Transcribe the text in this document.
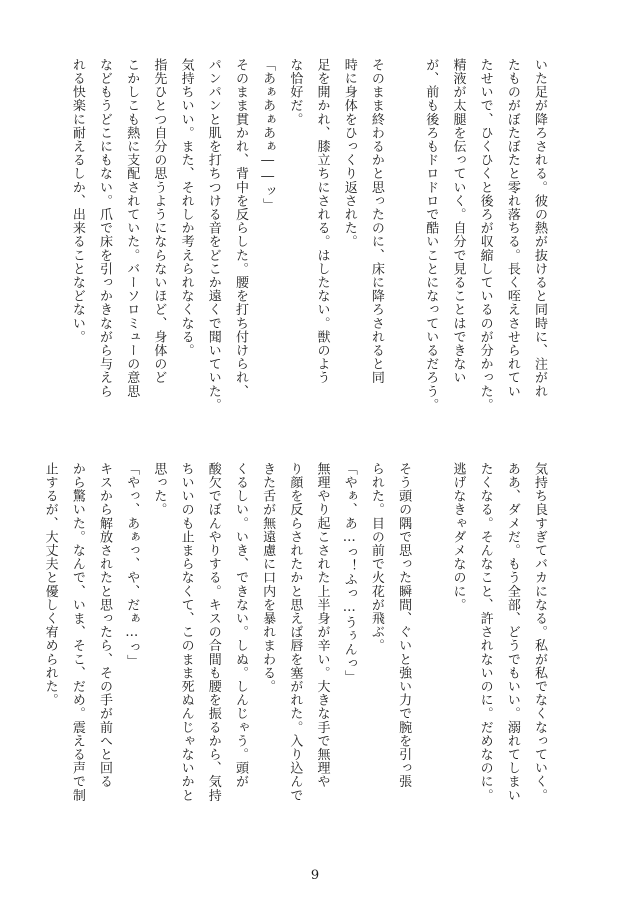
いた足が降ろされる。彼の熱が抜けると同時に、注がれ
たものがぼたぼたと零れ落ちる。長く咥えさせられてい
たせいで、ひくひくと後ろが収縮しているのが分かった。
精液が太腿を伝っていく。自分で見ることはできない
が、前も後ろもドロドロで酷いことになっているだろう。
そのまま終わるかと思ったのに、床に降ろされると同
時に身体をひっくり返された。
足を開かれ、膝立ちにされる。はしたない。獣のよう
な恰好だ。
「あぁあぁあぁ――ッ」
そのまま貫かれ、背中を反らした。腰を打ち付けられ、
パンパンと肌を打ちつける音をどこか遠くで聞いていた。
気持ちいい。また、それしか考えられなくなる。
指先ひとつ自分の思うようにならないほど、身体のど
こかしこも熱に支配されていた。バーソロミューの意思
などもうどこにもない。爪で床を引っかきながら与えら
れる快楽に耐えるしか、出来ることなどない。
気持ち良すぎてバカになる。私が私でなくなっていく。
ああ、ダメだ。もう全部、どうでもいい。溺れてしまい
たくなる。そんなこと、許されないのに。だめなのに。
逃げなきゃダメなのに。
そう頭の隅で思った瞬間、ぐいと強い力で腕を引っ張
られた。目の前で火花が飛ぶ。
「やぁ、あ…っ！ふっ…うぅんっ」
無理やり起こされた上半身が辛い。大きな手で無理や
り顔を反らされたかと思えば唇を塞がれた。入り込んで
きた舌が無遠慮に口内を暴れまわる。
くるしい。いき、できない。しぬ。しんじゃう。頭が
酸欠でぼんやりする。キスの合間も腰を振るから、気持
ちいいのも止まらなくて、このまま死ぬんじゃないかと
思った。
「やっ、あぁっ、や、だぁ…っ」
キスから解放されたと思ったら、その手が前へと回る
から驚いた。なんで、いま、そこ、だめ。震える声で制
止するが、大丈夫と優しく宥められた。
9
